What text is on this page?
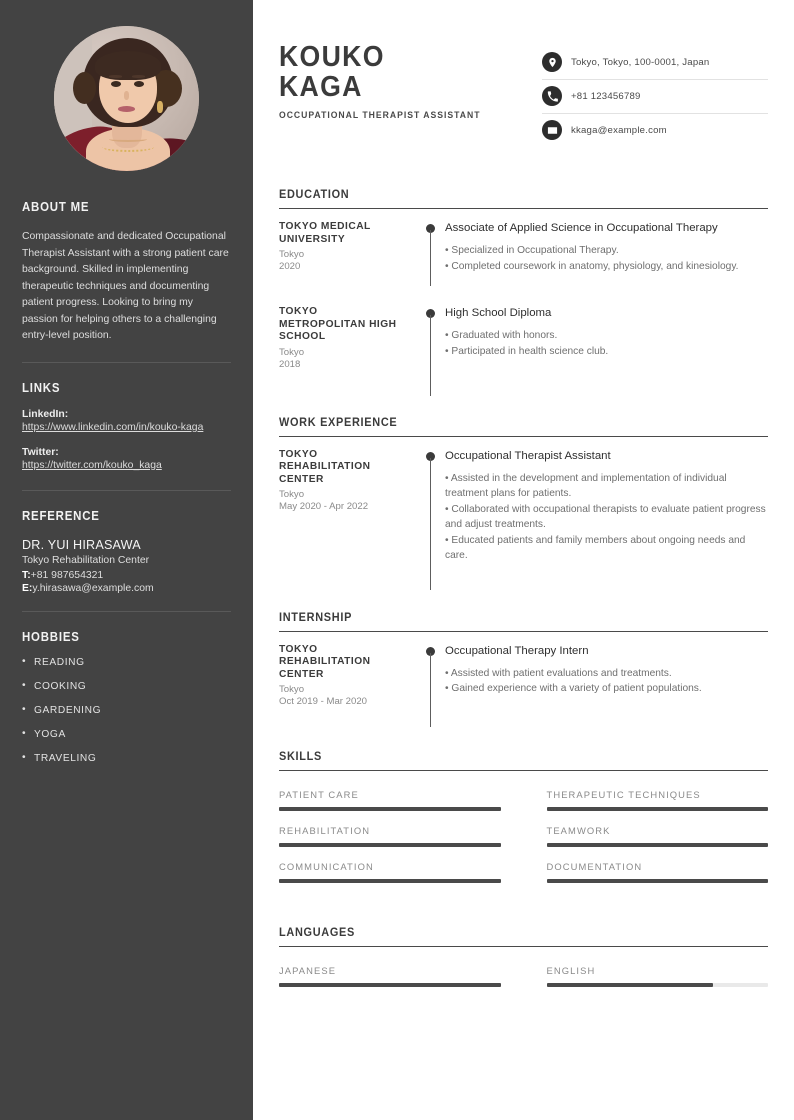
ABOUT ME
Compassionate and dedicated Occupational Therapist Assistant with a strong patient care background. Skilled in implementing therapeutic techniques and documenting patient progress. Looking to bring my passion for helping others to a challenging entry-level position.
LINKS
LinkedIn:
https://www.linkedin.com/in/kouko-kaga
Twitter:
https://twitter.com/kouko_kaga
REFERENCE
DR. YUI HIRASAWA
Tokyo Rehabilitation Center
T:+81 987654321
E:y.hirasawa@example.com
HOBBIES
• READING
• COOKING
• GARDENING
• YOGA
• TRAVELING
KOUKO
KAGA
OCCUPATIONAL THERAPIST ASSISTANT
Tokyo, Tokyo, 100-0001, Japan
+81 123456789
kkaga@example.com
EDUCATION
TOKYO MEDICAL UNIVERSITY
Tokyo
2020
Associate of Applied Science in Occupational Therapy
• Specialized in Occupational Therapy.
• Completed coursework in anatomy, physiology, and kinesiology.
TOKYO METROPOLITAN HIGH SCHOOL
Tokyo
2018
High School Diploma
• Graduated with honors.
• Participated in health science club.
WORK EXPERIENCE
TOKYO REHABILITATION CENTER
Tokyo
May 2020 - Apr 2022
Occupational Therapist Assistant
• Assisted in the development and implementation of individual treatment plans for patients.
• Collaborated with occupational therapists to evaluate patient progress and adjust treatments.
• Educated patients and family members about ongoing needs and care.
INTERNSHIP
TOKYO REHABILITATION CENTER
Tokyo
Oct 2019 - Mar 2020
Occupational Therapy Intern
• Assisted with patient evaluations and treatments.
• Gained experience with a variety of patient populations.
SKILLS
PATIENT CARE	THERAPEUTIC TECHNIQUES
REHABILITATION	TEAMWORK
COMMUNICATION	DOCUMENTATION
LANGUAGES
JAPANESE	ENGLISH
